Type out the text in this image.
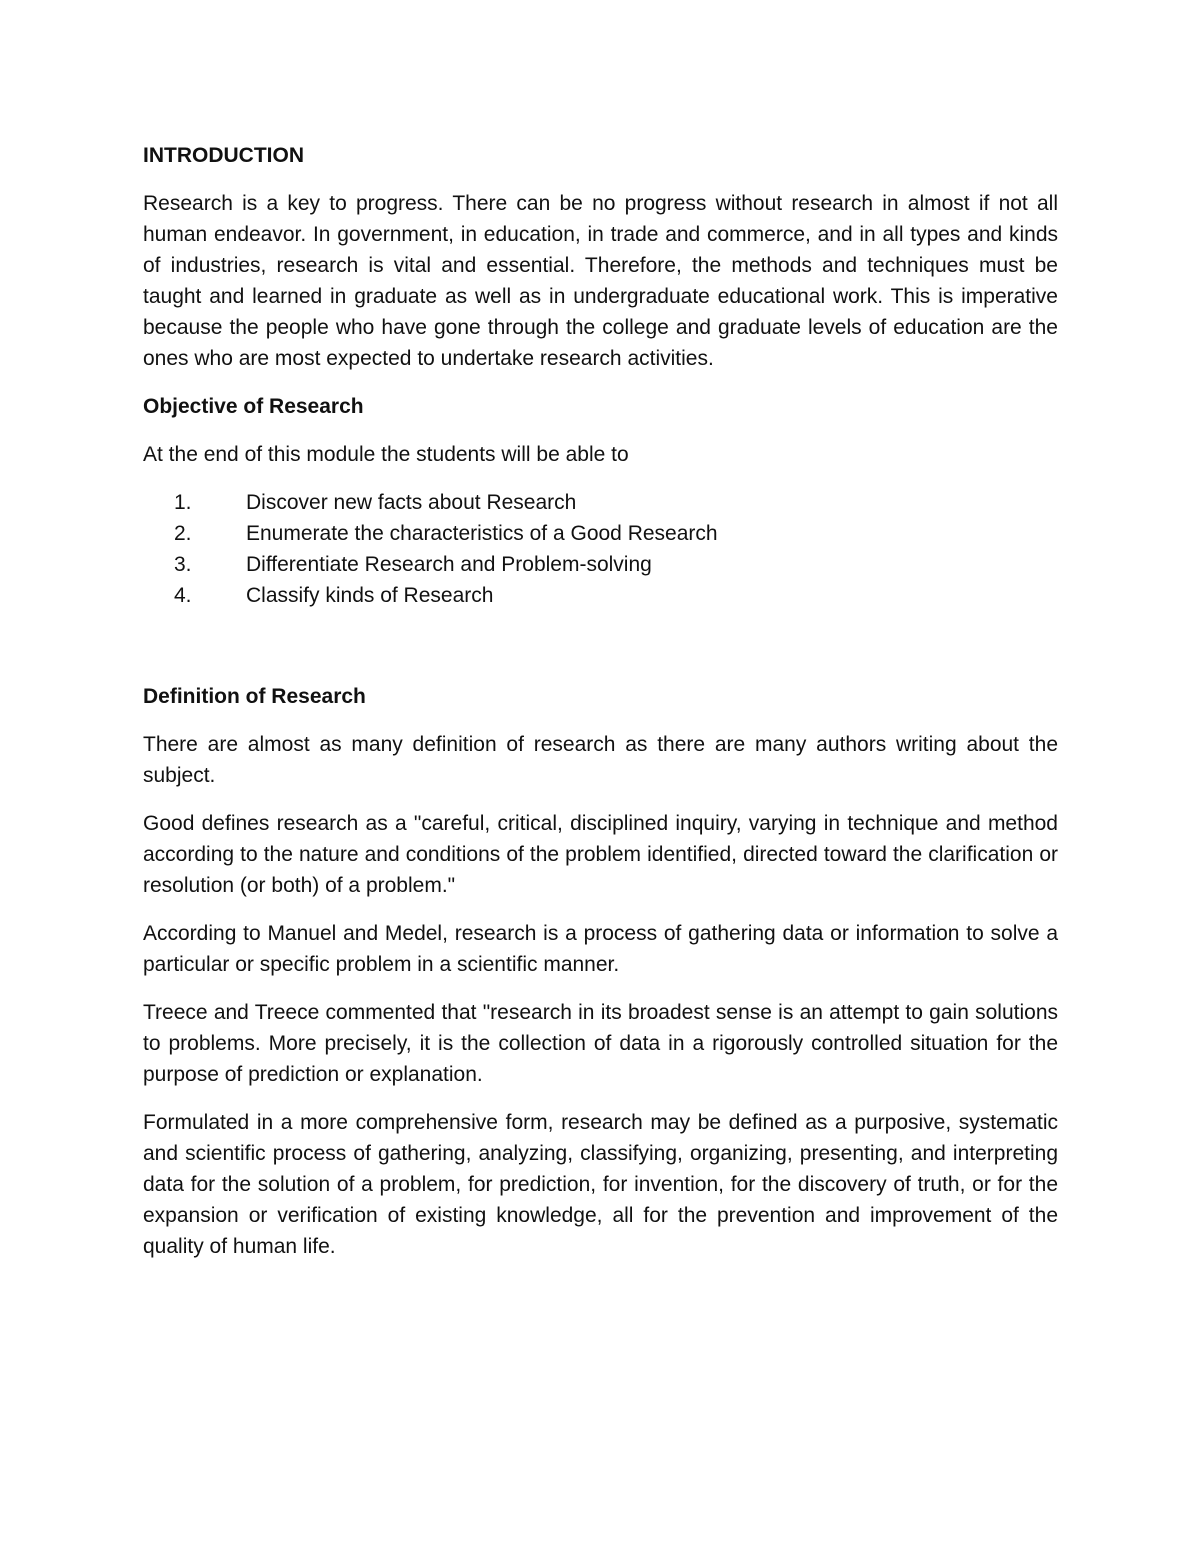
INTRODUCTION

Research is a key to progress. There can be no progress without research in almost if not all human endeavor. In government, in education, in trade and commerce, and in all types and kinds of industries, research is vital and essential. Therefore, the methods and techniques must be taught and learned in graduate as well as in undergraduate educational work. This is imperative because the people who have gone through the college and graduate levels of education are the ones who are most expected to undertake research activities.

Objective of Research

At the end of this module the students will be able to

1.	Discover new facts about Research
2.	Enumerate the characteristics of a Good Research
3.	Differentiate Research and Problem-solving
4.	Classify kinds of Research

Definition of Research

There are almost as many definition of research as there are many authors writing about the subject.

Good defines research as a "careful, critical, disciplined inquiry, varying in technique and method according to the nature and conditions of the problem identified, directed toward the clarification or resolution (or both) of a problem."

According to Manuel and Medel, research is a process of gathering data or information to solve a particular or specific problem in a scientific manner.

Treece and Treece commented that "research in its broadest sense is an attempt to gain solutions to problems. More precisely, it is the collection of data in a rigorously controlled situation for the purpose of prediction or explanation.

Formulated in a more comprehensive form, research may be defined as a purposive, systematic and scientific process of gathering, analyzing, classifying, organizing, presenting, and interpreting data for the solution of a problem, for prediction, for invention, for the discovery of truth, or for the expansion or verification of existing knowledge, all for the prevention and improvement of the quality of human life.
